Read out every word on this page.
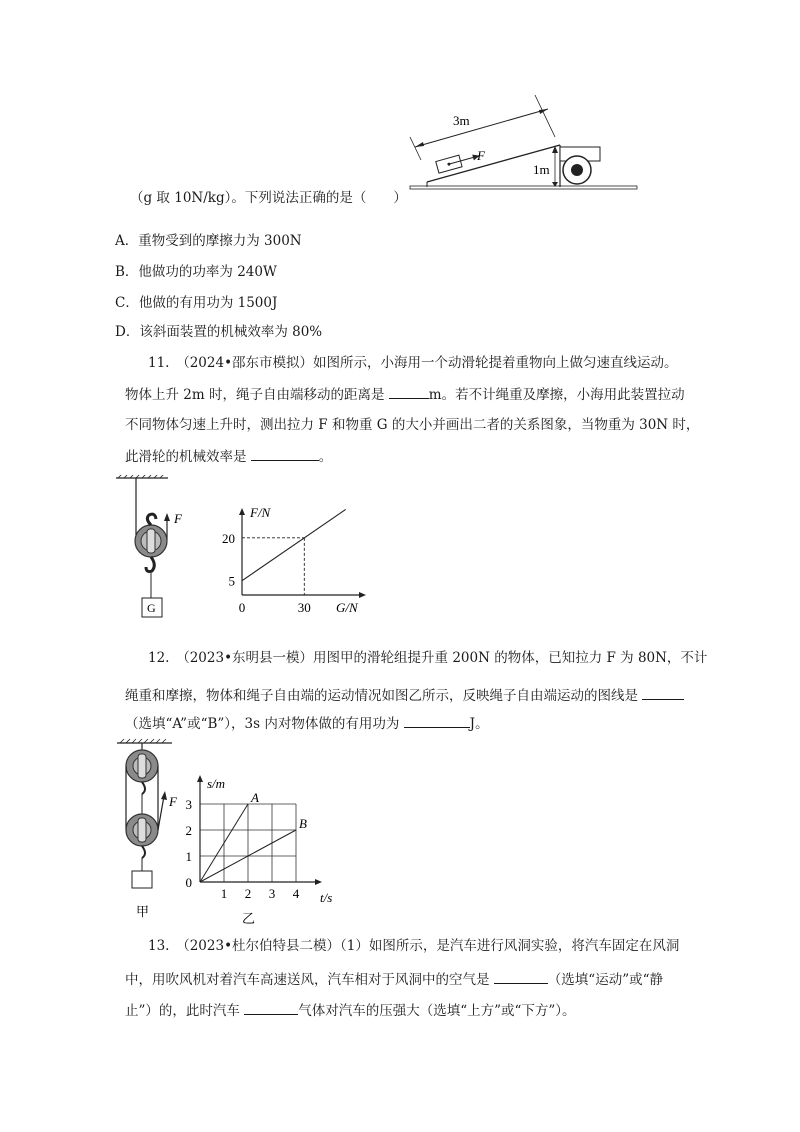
3m
F
1m
（g 取 10N/kg）。下列说法正确的是（　　）
A．重物受到的摩擦力为 300N
B．他做功的功率为 240W
C．他做的有用功为 1500J
D．该斜面装置的机械效率为 80%
11.　（2024•邵东市模拟）如图所示，小海用一个动滑轮提着重物向上做匀速直线运动。
物体上升 2m 时，绳子自由端移动的距离是	m。若不计绳重及摩擦，小海用此装置拉动
不同物体匀速上升时，测出拉力 F 和物重 G 的大小并画出二者的关系图象，当物重为 30N 时，
此滑轮的机械效率是	。
F
G
5
20
0	30
F/N
G/N
12.　（2023•东明县一模）用图甲的滑轮组提升重 200N 的物体，已知拉力 F 为 80N，不计
绳重和摩擦，物体和绳子自由端的运动情况如图乙所示，反映绳子自由端运动的图线是
（选填“A”或“B”），3s 内对物体做的有用功为	J。
F
甲
A
B
0
1
2
3
1 2 3 4
s/m
t/s
乙
13.　（2023•杜尔伯特县二模）（1）如图所示，是汽车进行风洞实验，将汽车固定在风洞
中，用吹风机对着汽车高速送风，汽车相对于风洞中的空气是	（选填“运动”或“静
止”）的，此时汽车	气体对汽车的压强大（选填“上方”或“下方”）。
